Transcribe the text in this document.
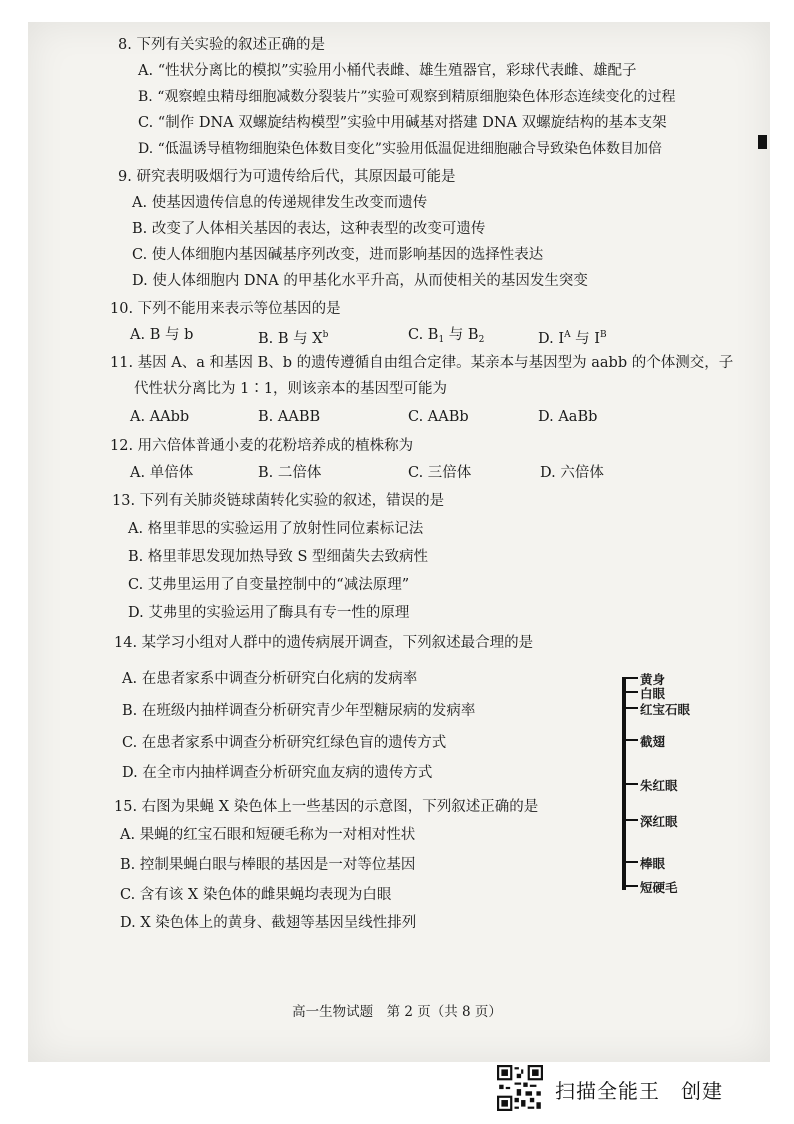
8. 下列有关实验的叙述正确的是
A. “性状分离比的模拟”实验用小桶代表雌、雄生殖器官，彩球代表雌、雄配子
B. “观察蝗虫精母细胞减数分裂装片”实验可观察到精原细胞染色体形态连续变化的过程
C. “制作 DNA 双螺旋结构模型”实验中用碱基对搭建 DNA 双螺旋结构的基本支架
D. “低温诱导植物细胞染色体数目变化”实验用低温促进细胞融合导致染色体数目加倍
9. 研究表明吸烟行为可遗传给后代，其原因最可能是
A. 使基因遗传信息的传递规律发生改变而遗传
B. 改变了人体相关基因的表达，这种表型的改变可遗传
C. 使人体细胞内基因碱基序列改变，进而影响基因的选择性表达
D. 使人体细胞内 DNA 的甲基化水平升高，从而使相关的基因发生突变
10. 下列不能用来表示等位基因的是
A. B 与 b	B. B 与 $X^b$	C. $B_1$ 与 $B_2$	D. $I^A$ 与 $I^B$
11. 基因 A、a 和基因 B、b 的遗传遵循自由组合定律。某亲本与基因型为 aabb 的个体测交，子
代性状分离比为 1∶1，则该亲本的基因型可能为
A. AAbb	B. AABB	C. AABb	D. AaBb
12. 用六倍体普通小麦的花粉培养成的植株称为
A. 单倍体	B. 二倍体	C. 三倍体	D. 六倍体
13. 下列有关肺炎链球菌转化实验的叙述，错误的是
A. 格里菲思的实验运用了放射性同位素标记法
B. 格里菲思发现加热导致 S 型细菌失去致病性
C. 艾弗里运用了自变量控制中的“减法原理”
D. 艾弗里的实验运用了酶具有专一性的原理
14. 某学习小组对人群中的遗传病展开调查，下列叙述最合理的是
A. 在患者家系中调查分析研究白化病的发病率
B. 在班级内抽样调查分析研究青少年型糖尿病的发病率
C. 在患者家系中调查分析研究红绿色盲的遗传方式
D. 在全市内抽样调查分析研究血友病的遗传方式
15. 右图为果蝇 X 染色体上一些基因的示意图，下列叙述正确的是
A. 果蝇的红宝石眼和短硬毛称为一对相对性状
B. 控制果蝇白眼与棒眼的基因是一对等位基因
C. 含有该 X 染色体的雌果蝇均表现为白眼
D. X 染色体上的黄身、截翅等基因呈线性排列
黄身
白眼
红宝石眼
截翅
朱红眼
深红眼
棒眼
短硬毛
高一生物试题　第 2 页（共 8 页）
扫描全能王　创建
